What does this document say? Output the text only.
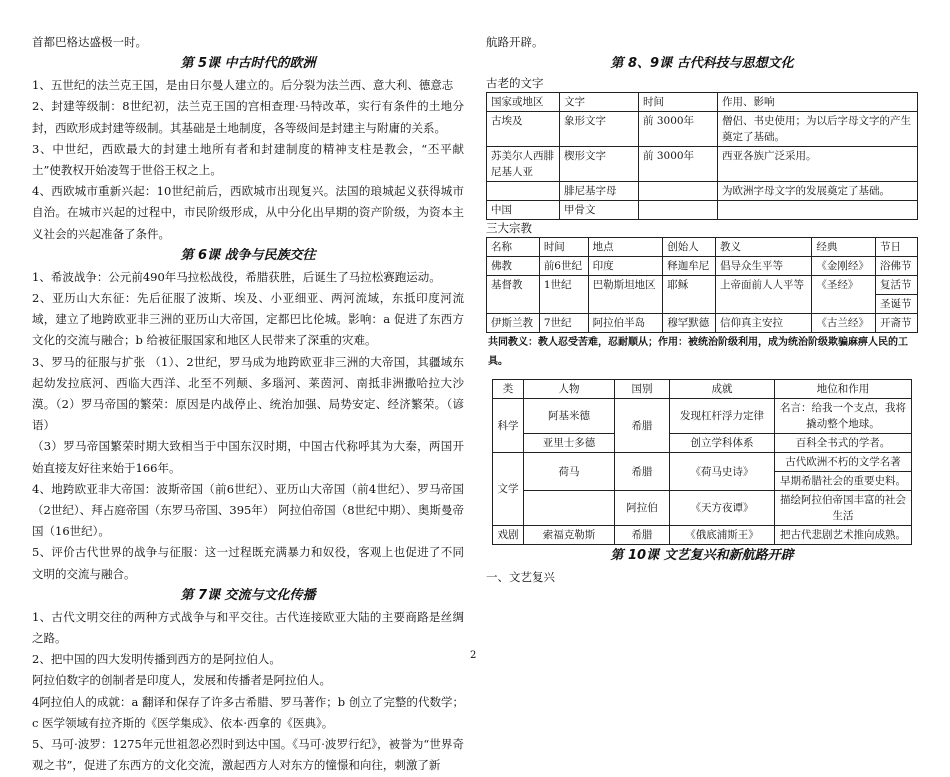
首都巴格达盛极一时。

第 5课 中古时代的欧洲

1、五世纪的法兰克王国，是由日尔曼人建立的。后分裂为法兰西、意大利、德意志

2、封建等级制：8世纪初，法兰克王国的宫相查理·马特改革，实行有条件的土地分封，西欧形成封建等级制。其基础是土地制度，各等级间是封建主与附庸的关系。

3、中世纪，西欧最大的封建土地所有者和封建制度的精神支柱是教会，“丕平献土”使教权开始凌驾于世俗王权之上。

4、西欧城市重新兴起：10世纪前后，西欧城市出现复兴。法国的琅城起义获得城市自治。在城市兴起的过程中，市民阶级形成，从中分化出早期的资产阶级，为资本主义社会的兴起准备了条件。

第 6课 战争与民族交往

1、希波战争：公元前490年马拉松战役，希腊获胜，后诞生了马拉松赛跑运动。

2、亚历山大东征：先后征服了波斯、埃及、小亚细亚、两河流域，东抵印度河流域，建立了地跨欧亚非三洲的亚历山大帝国，定都巴比伦城。影响：a 促进了东西方文化的交流与融合；b 给被征服国家和地区人民带来了深重的灾难。

3、罗马的征服与扩张 （1）、2世纪，罗马成为地跨欧亚非三洲的大帝国，其疆域东起幼发拉底河、西临大西洋、北至不列颠、多瑙河、莱茵河、南抵非洲撒哈拉大沙漠。（2）罗马帝国的繁荣：原因是内战停止、统治加强、局势安定、经济繁荣。（谚语）

（3）罗马帝国繁荣时期大致相当于中国东汉时期，中国古代称呼其为大秦，两国开始直接友好往来始于166年。

4、地跨欧亚非大帝国：波斯帝国（前6世纪）、亚历山大帝国（前4世纪）、罗马帝国（2世纪）、拜占庭帝国（东罗马帝国、395年） 阿拉伯帝国（8世纪中期）、奥斯曼帝国（16世纪）。

5、评价古代世界的战争与征服：这一过程既充满暴力和奴役，客观上也促进了不同文明的交流与融合。

第 7课 交流与文化传播

1、古代文明交往的两种方式战争与和平交往。古代连接欧亚大陆的主要商路是丝绸之路。

2、把中国的四大发明传播到西方的是阿拉伯人。

阿拉伯数字的创制者是印度人，发展和传播者是阿拉伯人。

4阿拉伯人的成就：a 翻译和保存了许多古希腊、罗马著作；b 创立了完整的代数学；c 医学领域有拉齐斯的《医学集成》、依本·西拿的《医典》。

5、马可·波罗：1275年元世祖忽必烈时到达中国。《马可·波罗行纪》，被誉为“世界奇观之书”，促进了东西方的文化交流，激起西方人对东方的憧憬和向往，刺激了新

航路开辟。

第 8、9课 古代科技与思想文化

古老的文字

国家或地区	文字	时间	作用、影响
古埃及	象形文字	前 3000年	僧侣、书史使用；为以后字母文字的产生奠定了基础。
苏美尔人西腓尼基人亚	楔形文字	前 3000年	西亚各族广泛采用。
	腓尼基字母		为欧洲字母文字的发展奠定了基础。
中国	甲骨文		

三大宗教

名称	时间	地点	创始人	教义	经典	节日
佛教	前6世纪	印度	释迦牟尼	倡导众生平等	《金刚经》	浴佛节
基督教	1世纪	巴勒斯坦地区	耶稣	上帝面前人人平等	《圣经》	复活节
						圣诞节
伊斯兰教	7世纪	阿拉伯半岛	穆罕默德	信仰真主安拉	《古兰经》	开斋节

共同教义：教人忍受苦难，忍耐顺从；作用：被统治阶级利用，成为统治阶级欺骗麻痹人民的工具。

类	人物	国别	成就	地位和作用
科学	阿基米德	希腊	发现杠杆浮力定律	名言：给我一个支点，我将撬动整个地球。
	亚里士多德		创立学科体系	百科全书式的学者。
文学	荷马	希腊	《荷马史诗》	古代欧洲不朽的文学名著
				早期希腊社会的重要史料。
		阿拉伯	《天方夜谭》	描绘阿拉伯帝国丰富的社会生活
戏剧	索福克勒斯	希腊	《俄底浦斯王》	把古代悲剧艺术推向成熟。

第 10课 文艺复兴和新航路开辟

一、文艺复兴

2
